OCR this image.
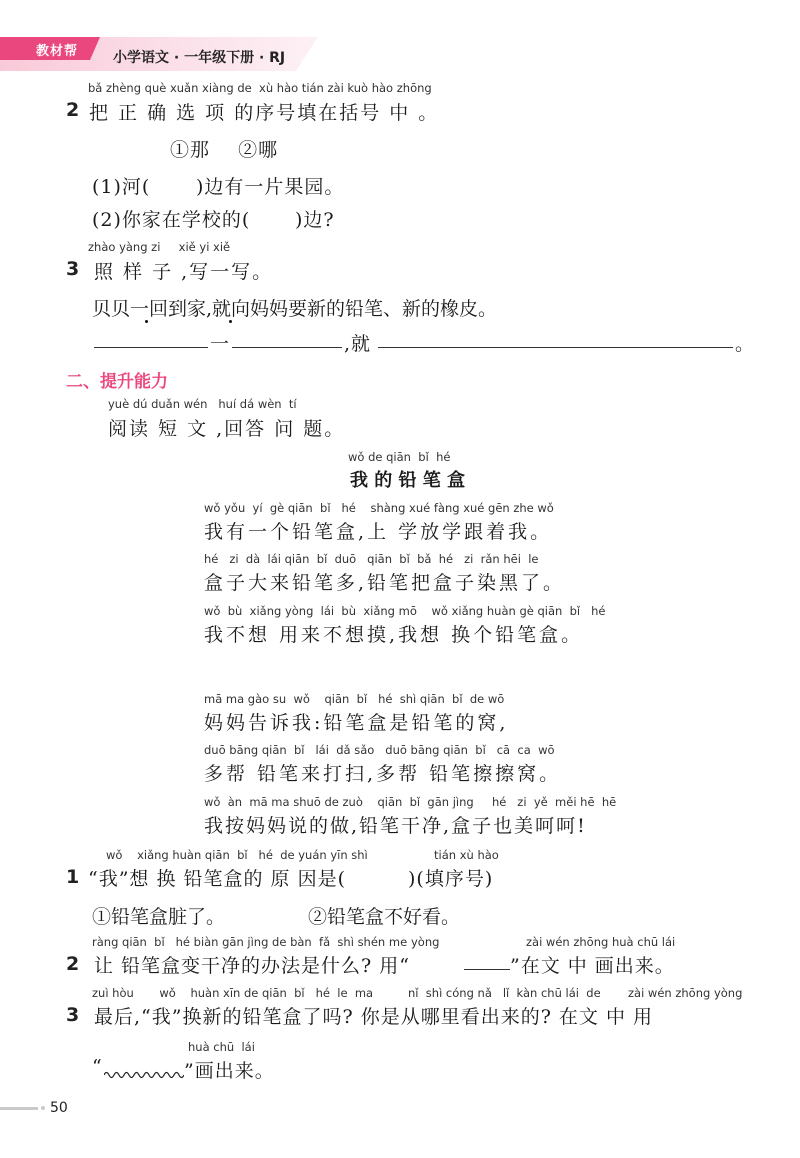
教材帮 小学语文 · 一年级下册 · RJ
bǎ zhèng què xuǎn xiàng de  xù hào tián zài kuò hào zhōng
2 把 正 确 选 项 的序号填在括号 中 。
①那    ②哪
(1)河( )边有一片果园。
(2)你家在学校的( )边?
zhào yàng zi     xiě yi xiě
3 照 样 子 ,写一写。
贝贝一回到家,就向妈妈要新的铅笔、新的橡皮。
一	,就	。
二、提升能力
yuè dú duǎn wén   huí dá wèn  tí
阅读 短 文 ,回答 问 题。
wǒ de qiān  bǐ  hé
我 的 铅 笔 盒
wǒ yǒu  yí  gè qiān  bǐ   hé    shàng xué fàng xué gēn zhe wǒ
我有一个铅笔盒,上 学放学跟着我。
hé   zi  dà  lái qiān  bǐ  duō   qiān  bǐ  bǎ  hé   zi  rǎn hēi  le
盒子大来铅笔多,铅笔把盒子染黑了。
wǒ  bù  xiǎng yòng  lái  bù  xiǎng mō    wǒ xiǎng huàn gè qiān  bǐ   hé
我不想 用来不想摸,我想 换个铅笔盒。
mā ma gào su  wǒ    qiān  bǐ   hé  shì qiān  bǐ  de wō
妈妈告诉我:铅笔盒是铅笔的窝,
duō bāng qiān  bǐ   lái  dǎ sǎo   duō bāng qiān  bǐ   cā  ca  wō
多帮 铅笔来打扫,多帮 铅笔擦擦窝。
wǒ  àn  mā ma shuō de zuò    qiān  bǐ  gān jìng     hé   zi  yě  měi hē  hē
我按妈妈说的做,铅笔干净,盒子也美呵呵!
wǒ    xiǎng huàn qiān  bǐ   hé  de yuán yīn shì	tián xù hào
1 “我”想 换 铅笔盒的 原 因是(	)(填序号)
①铅笔盒脏了。	②铅笔盒不好看。
ràng qiān  bǐ   hé biàn gān jìng de bàn  fǎ  shì shén me yòng	zài wén zhōng huà chū lái
2 让 铅笔盒变干净的办法是什么? 用“	”在文 中 画出来。
zuì hòu       wǒ    huàn xīn de qiān  bǐ   hé  le  ma	nǐ  shì cóng nǎ   lǐ  kàn chū lái  de zài wén zhōng yòng
3 最后,“我”换新的铅笔盒了吗? 你是从哪里看出来的? 在文 中 用
huà chū  lái
“	”画出来。
50
